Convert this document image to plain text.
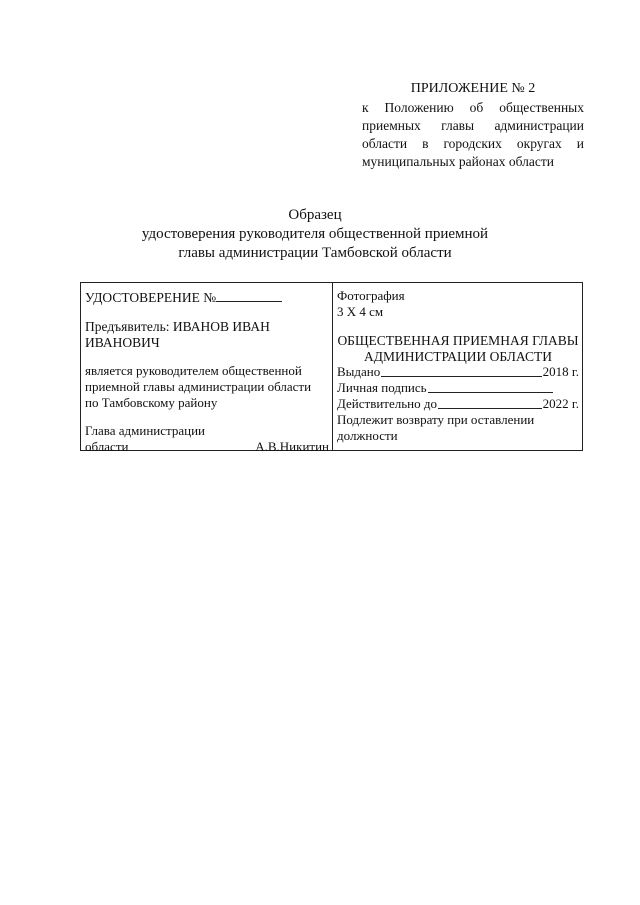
ПРИЛОЖЕНИЕ № 2
к Положению об общественных приемных главы администрации области в городских округах и муниципальных районах области
Образец
удостоверения руководителя общественной приемной
главы администрации Тамбовской области
УДОСТОВЕРЕНИЕ №
Предъявитель: ИВАНОВ ИВАН
ИВАНОВИЧ
является руководителем общественной
приемной главы администрации области
по Тамбовскому району
Глава администрации
области	А.В.Никитин
Фотография
3 Х 4 см
ОБЩЕСТВЕННАЯ ПРИЕМНАЯ ГЛАВЫ
АДМИНИСТРАЦИИ ОБЛАСТИ
Выдано	2018 г.
Личная подпись
Действительно до	2022 г.
Подлежит возврату при оставлении
должности
